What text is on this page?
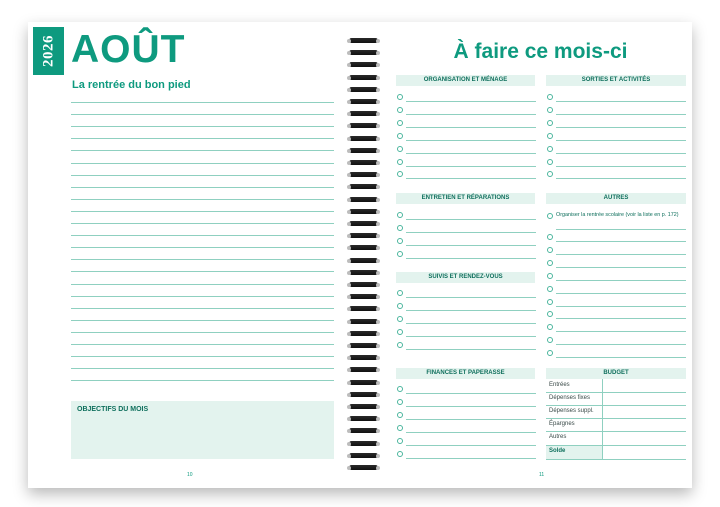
2026 AOÛT
La rentrée du bon pied
OBJECTIFS DU MOIS
10
À faire ce mois-ci
ORGANISATION ET MÉNAGE	SORTIES ET ACTIVITÉS
ENTRETIEN ET RÉPARATIONS	AUTRES
SUIVIS ET RENDEZ-VOUS
FINANCES ET PAPERASSE	BUDGET
Organiser la rentrée scolaire (voir la liste en p. 172)
Entrées
Dépenses fixes
Dépenses suppl.
Épargnes
Autres
Solde
11
